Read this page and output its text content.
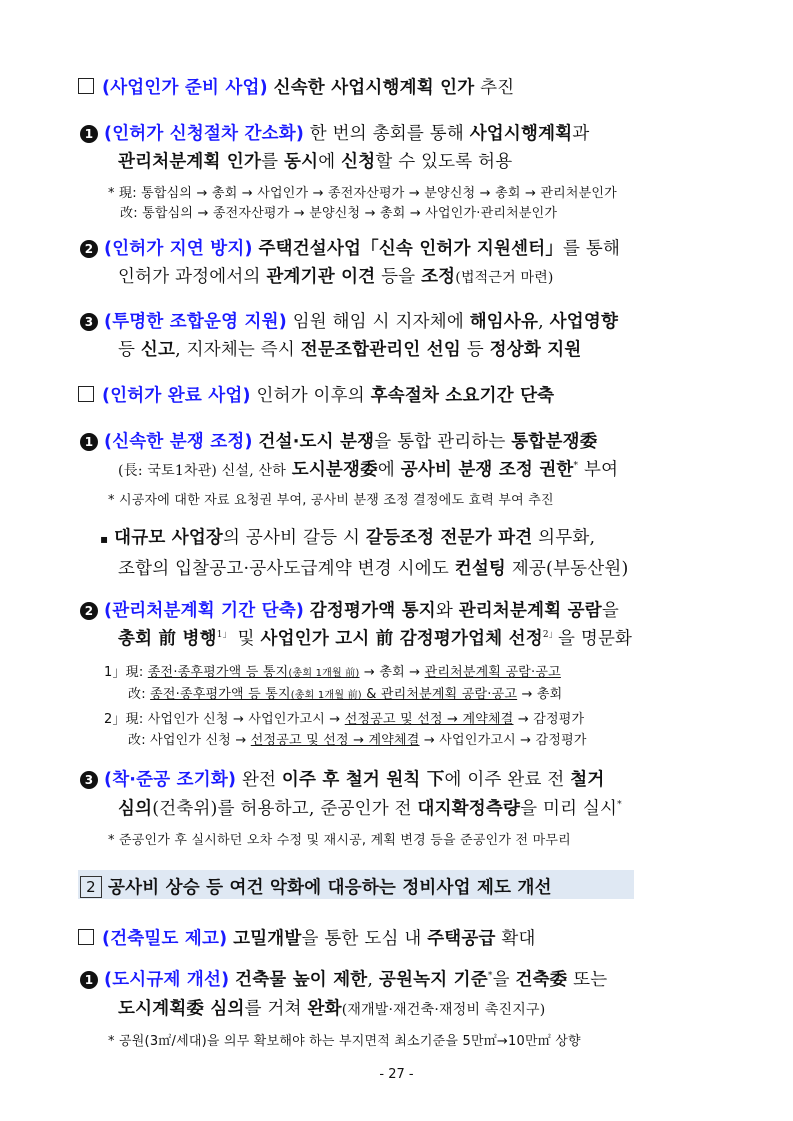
(사업인가 준비 사업) 신속한 사업시행계획 인가 추진
1 (인허가 신청절차 간소화) 한 번의 총회를 통해 사업시행계획과
관리처분계획 인가를 동시에 신청할 수 있도록 허용
* 現: 통합심의 → 총회 → 사업인가 → 종전자산평가 → 분양신청 → 총회 → 관리처분인가
改: 통합심의 → 종전자산평가 → 분양신청 → 총회 → 사업인가·관리처분인가
2 (인허가 지연 방지) 주택건설사업「신속 인허가 지원센터」를 통해
인허가 과정에서의 관계기관 이견 등을 조정(법적근거 마련)
3 (투명한 조합운영 지원) 임원 해임 시 지자체에 해임사유, 사업영향
등 신고, 지자체는 즉시 전문조합관리인 선임 등 정상화 지원
(인허가 완료 사업) 인허가 이후의 후속절차 소요기간 단축
1 (신속한 분쟁 조정) 건설·도시 분쟁을 통합 관리하는 통합분쟁委
(長: 국토1차관) 신설, 산하 도시분쟁委에 공사비 분쟁 조정 권한* 부여
* 시공자에 대한 자료 요청권 부여, 공사비 분쟁 조정 결정에도 효력 부여 추진
▪ 대규모 사업장의 공사비 갈등 시 갈등조정 전문가 파견 의무화,
조합의 입찰공고·공사도급계약 변경 시에도 컨설팅 제공(부동산원)
2 (관리처분계획 기간 단축) 감정평가액 통지와 관리처분계획 공람을
총회 前 병행$^{1」}$ 및 사업인가 고시 前 감정평가업체 선정$^{2」}$을 명문화
1」現: 종전·종후평가액 등 통지(총회 1개월 前) → 총회 → 관리처분계획 공람·공고
改: 종전·종후평가액 등 통지(총회 1개월 前) & 관리처분계획 공람·공고 → 총회
2」現: 사업인가 신청 → 사업인가고시 → 선정공고 및 선정 → 계약체결 → 감정평가
改: 사업인가 신청 → 선정공고 및 선정 → 계약체결 → 사업인가고시 → 감정평가
3 (착·준공 조기화) 완전 이주 후 철거 원칙 下에 이주 완료 전 철거
심의(건축위)를 허용하고, 준공인가 전 대지확정측량을 미리 실시*
* 준공인가 후 실시하던 오차 수정 및 재시공, 계획 변경 등을 준공인가 전 마무리
2 공사비 상승 등 여건 악화에 대응하는 정비사업 제도 개선
(건축밀도 제고) 고밀개발을 통한 도심 내 주택공급 확대
1 (도시규제 개선) 건축물 높이 제한, 공원녹지 기준*을 건축委 또는
도시계획委 심의를 거쳐 완화(재개발·재건축·재정비 촉진지구)
* 공원(3㎡/세대)을 의무 확보해야 하는 부지면적 최소기준을 5만㎡→10만㎡ 상향
- 27 -
